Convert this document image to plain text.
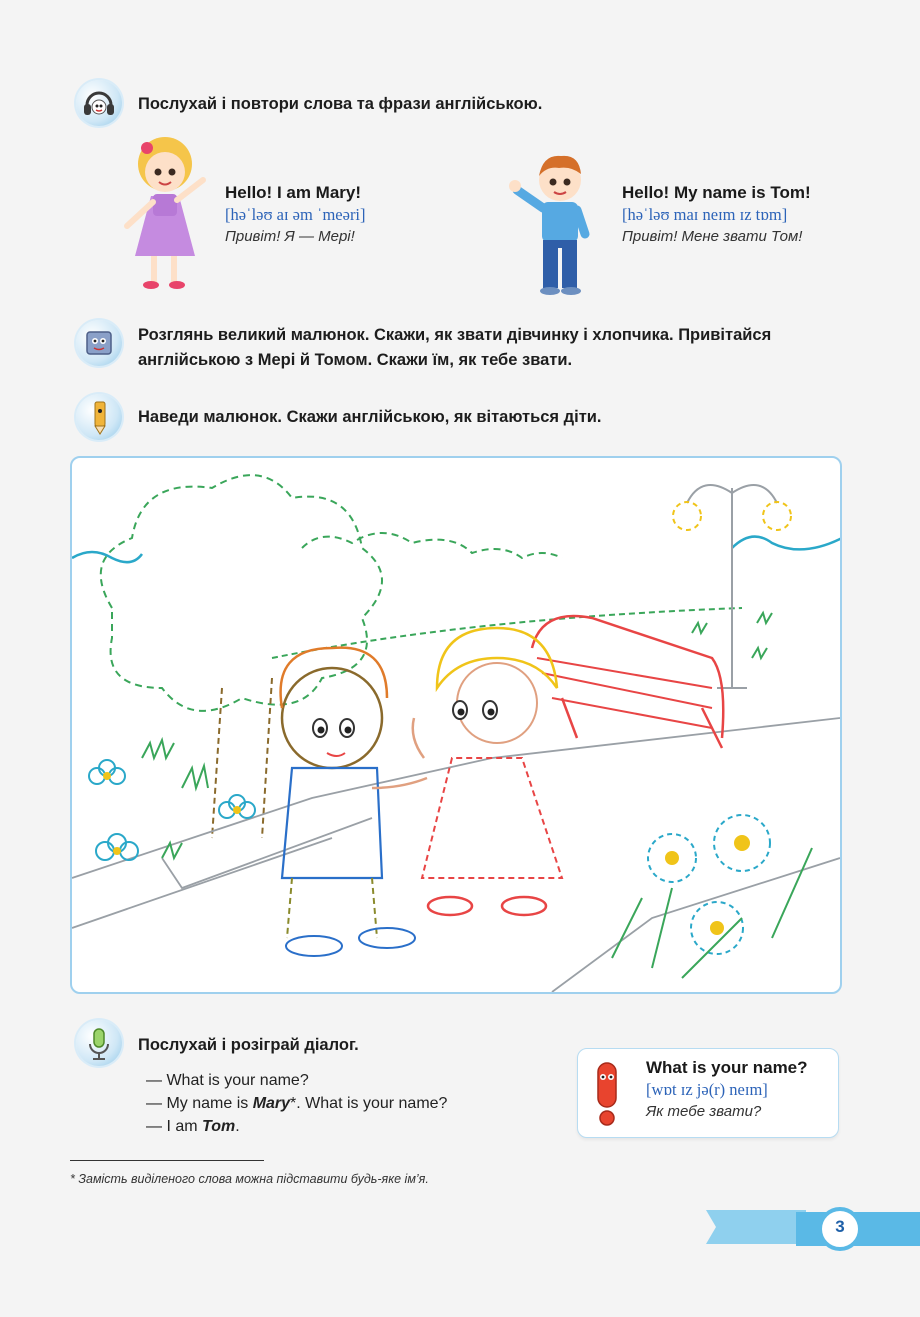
Послухай і повтори слова та фрази англійською.
Hello! I am Mary!
[həˈləʊ aɪ əm ˈmeəri]
Привіт! Я — Мері!
Hello! My name is Tom!
[həˈləʊ maɪ neɪm ɪz tɒm]
Привіт! Мене звати Том!
Розглянь великий малюнок. Скажи, як звати дівчинку і хлопчика. Привітайся
англійською з Мері й Томом. Скажи їм, як тебе звати.
Наведи малюнок. Скажи англійською, як вітаються діти.
Послухай і розіграй діалог.
— What is your name?
— My name is Mary*. What is your name?
— I am Tom.
What is your name?
[wɒt ɪz jə(r) neɪm]
Як тебе звати?
* Замість виділеного слова можна підставити будь-яке ім’я.
3
